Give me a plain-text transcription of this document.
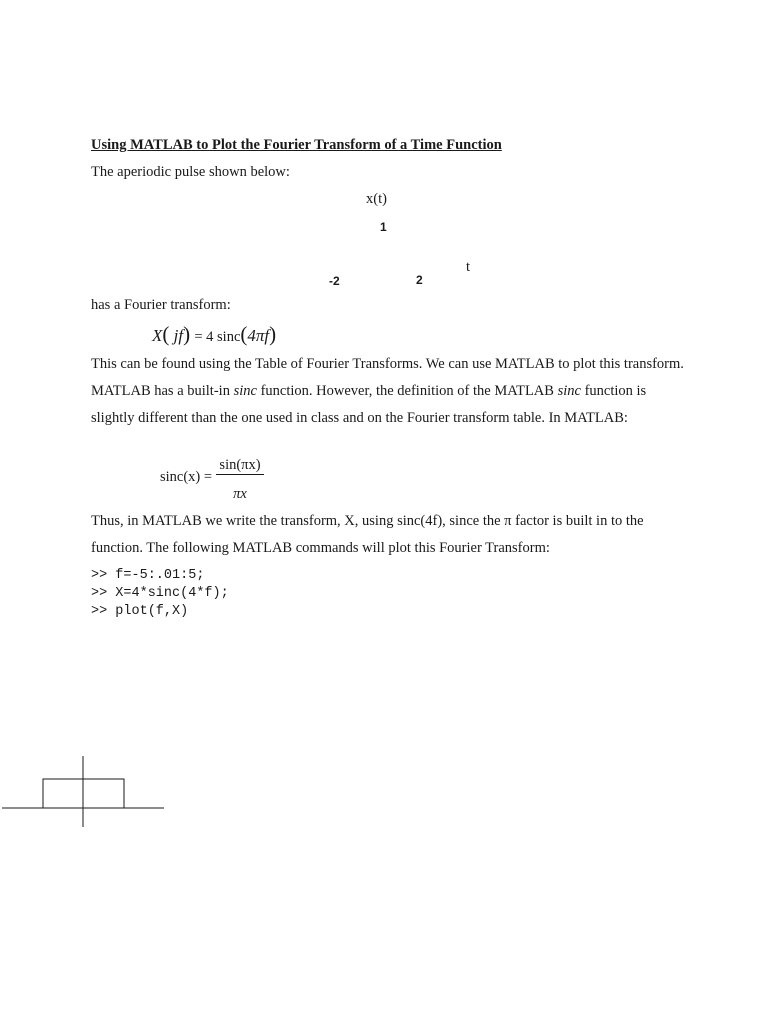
Using MATLAB to Plot the Fourier Transform of a Time Function
The aperiodic pulse shown below:
x(t)
1
t
-2	2
has a Fourier transform:
X( jf) = 4 sinc(4πf)
This can be found using the Table of Fourier Transforms. We can use MATLAB to plot this transform. MATLAB has a built-in sinc function. However, the definition of the MATLAB sinc function is slightly different than the one used in class and on the Fourier transform table. In MATLAB:
sinc(x) =
sin(πx)
πx
Thus, in MATLAB we write the transform, X, using sinc(4f), since the π factor is built in to the function. The following MATLAB commands will plot this Fourier Transform:
>> f=-5:.01:5;
>> X=4*sinc(4*f);
>> plot(f,X)
